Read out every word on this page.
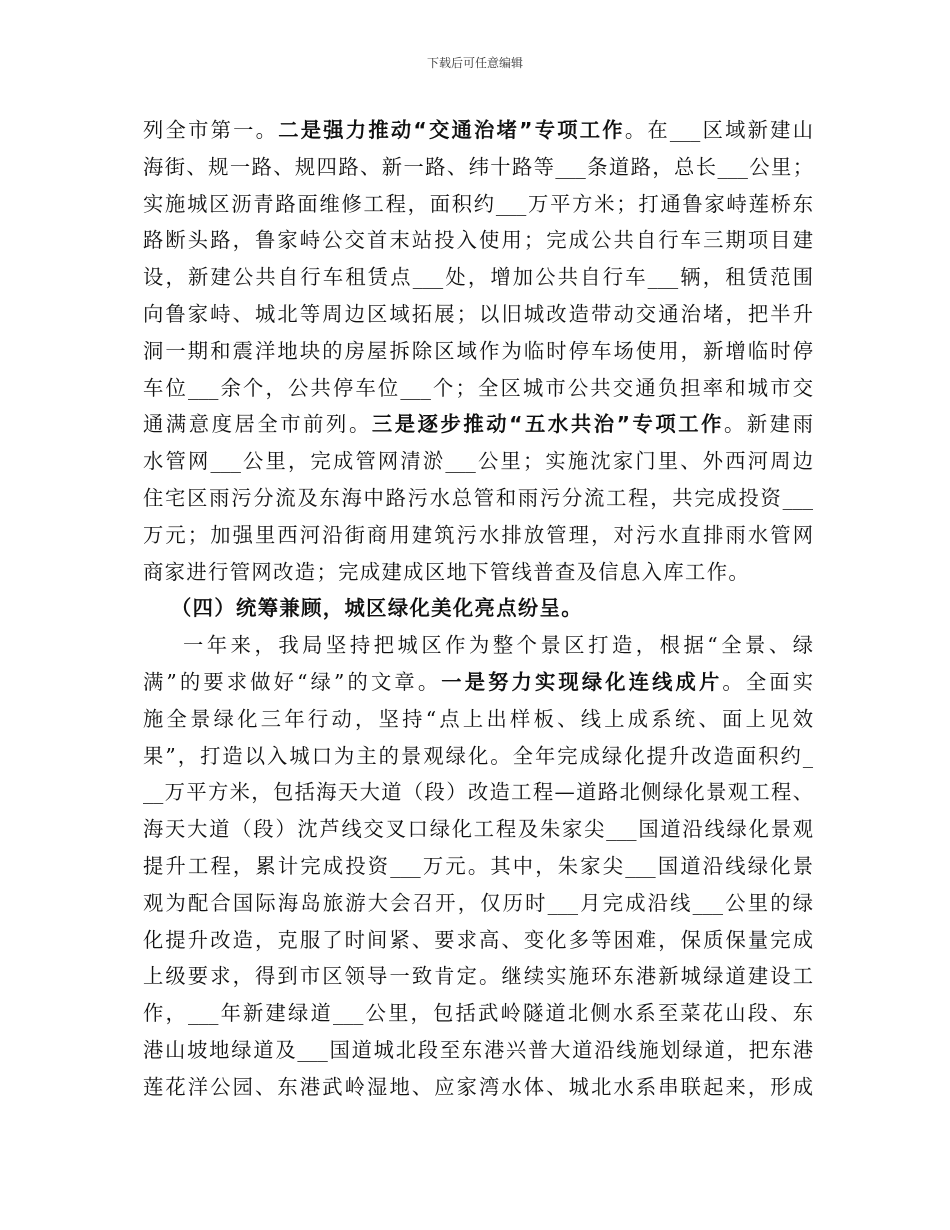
下载后可任意编辑
列全市第一。二是强力推动“交通治堵”专项工作。在___区域新建山
海街、规一路、规四路、新一路、纬十路等___条道路，总长___公里；
实施城区沥青路面维修工程，面积约___万平方米；打通鲁家峙莲桥东
路断头路，鲁家峙公交首末站投入使用；完成公共自行车三期项目建
设，新建公共自行车租赁点___处，增加公共自行车___辆，租赁范围
向鲁家峙、城北等周边区域拓展；以旧城改造带动交通治堵，把半升
洞一期和震洋地块的房屋拆除区域作为临时停车场使用，新增临时停
车位___余个，公共停车位___个；全区城市公共交通负担率和城市交
通满意度居全市前列。三是逐步推动“五水共治”专项工作。新建雨
水管网___公里，完成管网清淤___公里；实施沈家门里、外西河周边
住宅区雨污分流及东海中路污水总管和雨污分流工程，共完成投资___
万元；加强里西河沿街商用建筑污水排放管理，对污水直排雨水管网
商家进行管网改造；完成建成区地下管线普查及信息入库工作。
（四）统筹兼顾，城区绿化美化亮点纷呈。
一年来，我局坚持把城区作为整个景区打造，根据“全景、绿
满”的要求做好“绿”的文章。一是努力实现绿化连线成片。全面实
施全景绿化三年行动，坚持“点上出样板、线上成系统、面上见效
果”，打造以入城口为主的景观绿化。全年完成绿化提升改造面积约_
__万平方米，包括海天大道（段）改造工程—道路北侧绿化景观工程、
海天大道（段）沈芦线交叉口绿化工程及朱家尖___国道沿线绿化景观
提升工程，累计完成投资___万元。其中，朱家尖___国道沿线绿化景
观为配合国际海岛旅游大会召开，仅历时___月完成沿线___公里的绿
化提升改造，克服了时间紧、要求高、变化多等困难，保质保量完成
上级要求，得到市区领导一致肯定。继续实施环东港新城绿道建设工
作，___年新建绿道___公里，包括武岭隧道北侧水系至菜花山段、东
港山坡地绿道及___国道城北段至东港兴普大道沿线施划绿道，把东港
莲花洋公园、东港武岭湿地、应家湾水体、城北水系串联起来，形成
